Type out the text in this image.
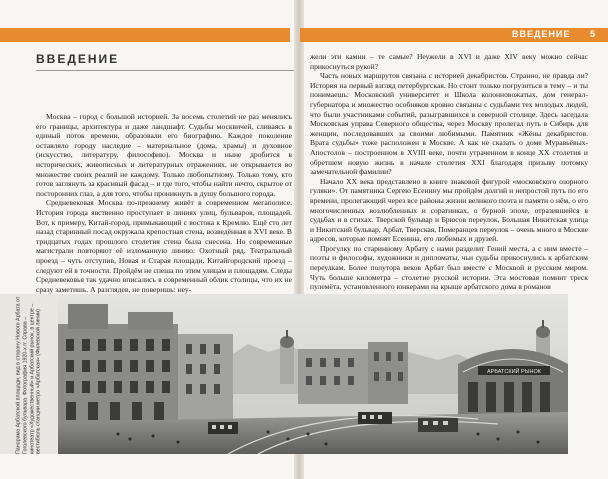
ВВЕДЕНИЕ 5
ВВЕДЕНИЕ

Москва – город с большой историей. За восемь столетий не раз менялись его границы, архитектура и даже ландшафт. Судьбы москвичей, сливаясь в единый поток времени, образовали его биографию. Каждое поколение оставляло городу наследие – материальное (дома, храмы) и духовное (искусство, литературу, философию). Москва и ныне дробится в исторических, живописных и литературных отражениях, не открывается во множестве своих реалий не каждому. Только любопытному. Только тому, кто готов заглянуть за красивый фасад – и где того, чтобы найти нечто, скрытое от посторонних глаз, а для того, чтобы проникнуть в душу большого города.

Средневековая Москва по-прежнему живёт в современном мегаполисе. История города явственно проступает в линиях улиц, бульваров, площадей. Вот, к примеру, Китай-город, примыкающий с востока к Кремлю. Ещё сто лет назад старинный посад окружала крепостная стена, возведённая в XVI веке. В тридцатых годах прошлого столетия стена была снесена. Но современные магистрали повторяют её изломанную линию: Охотный ряд, Театральный проезд – чуть отступив, Новая и Старая площади, Китайгородский проезд – следуют ей в точности. Пройдём не спеша по этим улицам и площадям. Следы Средневековья так удачно вписались в современный облик столицы, что их не сразу заметишь. А разглядев, не поверишь: неу-

жели эти камни – те самые? Неужели в XVI и даже XIV веку можно сейчас прикоснуться рукой?

Часть новых маршрутов связана с историей декабристов. Странно, не правда ли? История на первый взгляд петербургская. Но стоит только погрузиться в тему – и ты понимаешь: Московский университет и Школа колонновожатых, дом генерал-губернатора и множество особняков кровно связаны с судьбами тех молодых людей, что были участниками событий, разыгравшихся в северной столице. Здесь заседала Московская управа Северного общества, через Москву пролегал путь в Сибирь для женщин, последовавших за своими любимыми. Памятник «Жёны декабристов. Врата судьбы» тоже расположен в Москве. А как не сказать о доме Муравьёвых-Апостолов – построенном в XVIII веке, почти утраченном в конце XX столетия и обретшем новую жизнь в начале столетия XXI благодаря призыву потомку замечательной фамилии?

Начало XX века представлено в книге знаковой фигурой «московского озорного гуляки». От памятника Сергею Есенину мы пройдём долгий и непростой путь по его времени, пролегающий через все районы жизни великого поэта и памяти о нём, о его многочисленных возлюбленных и соратниках, о бурной эпохе, отразившейся в судьбах и в стихах. Тверской бульвар и Брюсов переулок, Большая Никитская улица и Никитский бульвар, Арбат, Тверская, Померанцев переулок – очень много в Москве адресов, которые помнят Есенина, его любимых и друзей.

Прогулку по старинному Арбату с нами разделит Гений места, а с ним вместе – поэты и философы, художники и дипломаты, чьи судьбы прикоснулись к арбатским переулкам. Более полутора веков Арбат был вместе с Москвой и русским миром. Чуть больше километра – столетие русской истории. Эта мостовая помнит треск пулемёта, установленного юнкерами на крыше арбатского дома в романов

Панорама Арбатской площади, вид в сторону Нового Арбата от Гоголевского бульвара. Фотография 1920-х гг. Справа – кинотеатр «Художественный» и Арбатский рынок, в центре – вестибюль станции метро «Арбатская» (Филевской линии)	АРБАТСКИЙ РЫНОК
